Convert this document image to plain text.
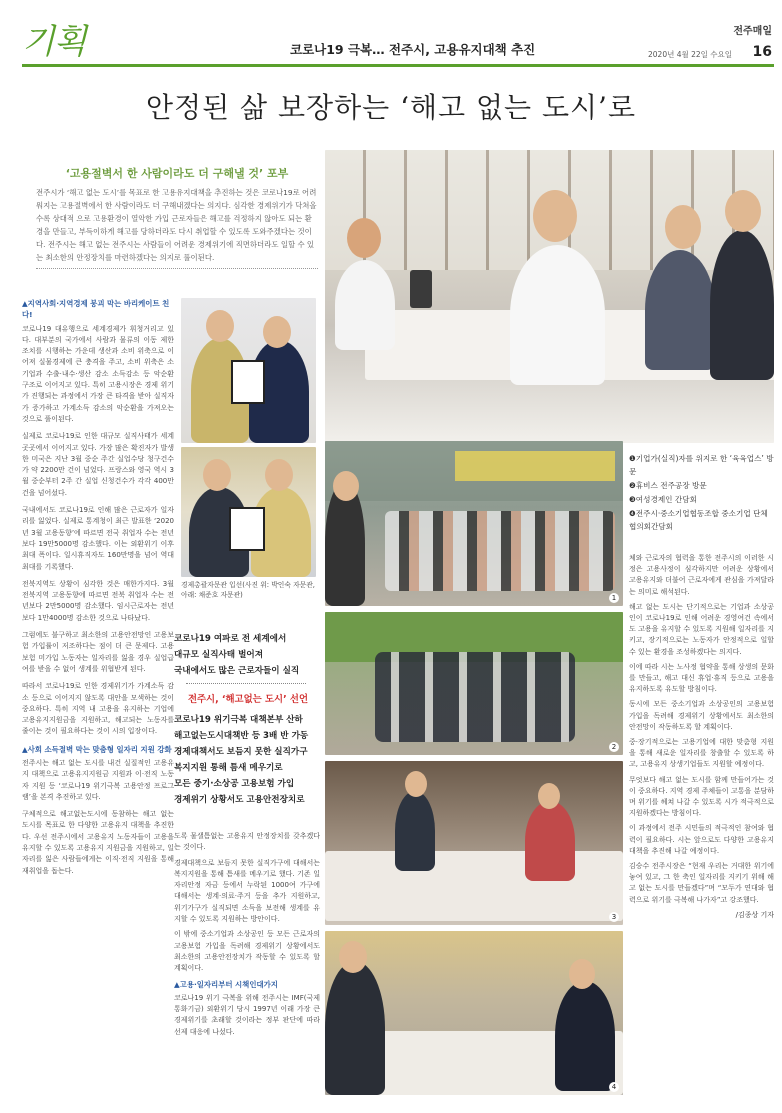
기획	코로나19 극복… 전주시, 고용유지대책 추진
전주매일
2020년 4월 22일 수요일 16
안정된 삶 보장하는 ‘해고 없는 도시’로
‘고용절벽서 한 사람이라도 더 구해낼 것’ 포부
전주시가 ‘해고 없는 도시’를 목표로 한 고용유지대책을 추진하는 것은 코로나19로 어려워지는 고용절벽에서 한 사람이라도 더 구해내겠다는 의지다. 심각한 경제위기가 닥쳐올수록 상대적 으로 고용환경이 열악한 가입 근로자들은 해고를 걱정하지 않아도 되는 환경을 만들고, 부득이하게 해고를 당하더라도 다시 취업할 수 있도록 도와주겠다는 것이다. 전주시는 해고 없는 전주시는 사람들이 어려운 경제위기에 직면하더라도 일할 수 있는 최소한의 안정장치를 마련하겠다는 의지로 풀이된다.
1
2
3
4
❶기업가(실직)자를 위지로 한 ‘육육업스’ 방문
❷휴비스 전주공장 방문
❸여성경제인 간담회
❹전주시·중소기업협동조합 중소기업 단체협의회간담회
경제총괄자문관 입선(사진 위: 박인숙 자문관, 아래: 채준호 자문관)
▲지역사회·지역경제 붕괴 막는 바리케이트 친다!

코로나19 대유행으로 세계경제가 휘청거리고 있다. 대부분의 국가에서 사람과 물류의 이동 제한 조치를 시행하는 가운데 생산과 소비 위축으로 이어져 실물경제에 큰 충격을 주고, 소비 위축은 소기업과 수출·내수·생산 감소 소득감소 등 악순환 구조로 이어지고 있다. 특히 고용시장은 경제 위기가 진행되는 과정에서 가장 큰 타격을 받아 실직자가 증가하고 가계소득 감소의 악순환을 가져오는 것으로 풀이된다.

실제로 코로나19로 인한 대규모 실직사태가 세계 곳곳에서 이어지고 있다. 가장 많은 확진자가 발생한 미국은 지난 3월 중순 주간 실업수당 청구건수가 약 2200만 건이 넘었다. 프랑스와 영국 역시 3월 중순부터 2주 간 실업 신청건수가 각각 400만 건을 넘어섰다.

국내에서도 코로나19로 인해 많은 근로자가 일자리를 잃었다. 실제로 통계청이 최근 발표한 ‘2020년 3월 고용동향’에 따르면 전국 취업자 수는 전년보다 19만5000명 감소했다. 이는 외환위기 이후 최대 폭이다. 일시휴직자도 160만명을 넘어 역대 최대를 기록했다.

전북지역도 상황이 심각한 것은 매한가지다. 3월 전북지역 고용동향에 따르면 전북 취업자 수는 전년보다 2만5000명 감소했다. 임시근로자는 전년보다 1만4000명 감소한 것으로 나타났다.

그럼에도 불구하고 최소한의 고용안전망인 고용보험 가입률이 저조하다는 점이 더 큰 문제다. 고용보험 미가입 노동자는 일자리를 잃을 경우 실업급여를 받을 수 없어 생계를 위협받게 된다.

따라서 코로나19로 인한 경제위기가 가계소득 감소 등으로 이어지지 않도록 대안을 모색하는 것이 중요하다. 특히 지역 내 고용을 유지하는 기업에 고용유지지원금을 지원하고, 해고되는 노동자를 줄이는 것이 필요하다는 것이 시의 입장이다.

▲사회 소득절벽 막는 맞춤형 일자리 지원 강화

전주시는 해고 없는 도시를 내건 실질적인 고용유지 대책으로 고용유지지원금 지원과 이·전직 노동자 지원 등 ‘코로나19 위기극복 고용안정 프로그램’을 본격 추진하고 있다.

구체적으로 해고없는도시에 동참하는 해고 없는 도시를 목표로 한 다양한 고용유지 대책을 추진한다. 우선 전주시에서 고용유지 노동자들이 고용을 유지할 수 있도록 고용유지 지원금을 지원하고, 일자리를 잃은 사람들에게는 이직·전직 지원을 통해 재취업을 돕는다.

코로나19 여파로 전 세계에서
대규모 실직사태 벌어져
국내에서도 많은 근로자들이 실직
전주시, ‘해고없는 도시’ 선언
코로나19 위기극복 대책본부 산하
해고없는도시대책반 등 3배 반 가동
경제대책서도 보듬지 못한 실직가구
복지지원 통해 틈새 메우기로
모든 중기·소상공 고용보험 가입
경제위기 상황서도 고용안전장치로

도록 물샐틈없는 고용유지 안정장치를 갖추겠다는 것이다.

경제대책으로 보듬지 못한 실직가구에 대해서는 복지지원을 통해 틈새를 메우기로 했다. 기존 일자리안정 자금 등에서 누락된 1000여 가구에 대해서는 생계·의료·주거 등을 추가 지원하고, 위기가구가 실직되면 소득을 보전해 생계를 유지할 수 있도록 지원하는 방안이다.

이 밖에 중소기업과 소상공인 등 모든 근로자의 고용보험 가입을 독려해 경제위기 상황에서도 최소한의 고용안전장치가 작동할 수 있도록 할 계획이다.

▲고용·일자리부터 시책인대가지

코로나19 위기 극복을 위해 전주시는 IMF(국제통화기금) 외환위기 당시 1997년 이래 가장 큰 경제위기를 초래할 것이라는 정부 판단에 따라 선제 대응에 나섰다.

체와 근로자의 협력을 통한 전주시의 이러한 시정은 고용사정이 심각하지만 어려운 상황에서 고용유지와 더불어 근로자에게 관심을 가져달라는 의미로 해석된다.

해고 없는 도시는 단기적으로는 기업과 소상공인이 코로나19로 인해 어려운 경영여건 속에서도 고용을 유지할 수 있도록 지원해 일자리를 지키고, 장기적으로는 노동자가 안정적으로 일할 수 있는 환경을 조성하겠다는 의지다.

이에 따라 시는 노사정 협약을 통해 상생의 문화를 만들고, 해고 대신 휴업·휴직 등으로 고용을 유지하도록 유도할 방침이다.

동시에 모든 중소기업과 소상공인의 고용보험 가입을 독려해 경제위기 상황에서도 최소한의 안전망이 작동하도록 할 계획이다.

중·장기적으로는 고용기업에 대한 맞춤형 지원을 통해 새로운 일자리를 창출할 수 있도록 하고, 고용유지 상생기업들도 지원할 예정이다.

무엇보다 해고 없는 도시를 함께 만들어가는 것이 중요하다. 지역 경제 주체들이 고통을 분담하며 위기를 헤쳐 나갈 수 있도록 시가 적극적으로 지원하겠다는 방침이다.

이 과정에서 전주 시민들의 적극적인 참여와 협력이 필요하다. 시는 앞으로도 다양한 고용유지 대책을 추진해 나갈 예정이다.

김승수 전주시장은 “현재 우리는 거대한 위기에 놓여 있고, 그 한 축인 일자리를 지키기 위해 해고 없는 도시를 만들겠다”며 “모두가 연대와 협력으로 위기를 극복해 나가자”고 강조했다.

/김종상 기자
